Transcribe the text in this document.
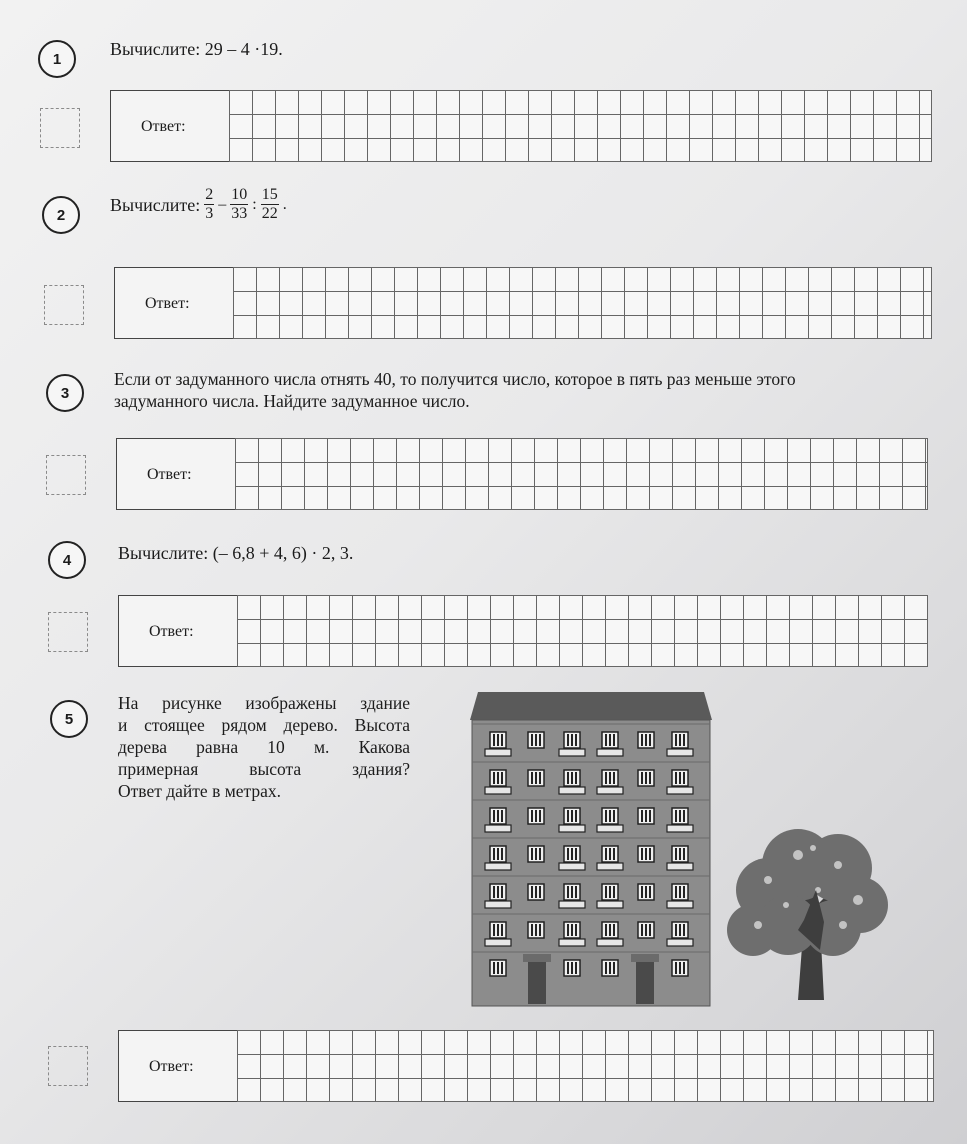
1	Вычислите: 29 – 4 ·19.
Ответ:
2
Вычислите: $\frac{2}{3} - \frac{10}{33}$ : $\frac{15}{22}$ .
Ответ:
3
Если от задуманного числа отнять 40, то получится число, которое в пять раз меньше этого
задуманного числа. Найдите задуманное число.
Ответ:
4	Вычислите: (– 6,8 + 4, 6) · 2, 3.
Ответ:
5
На рисунке изображены здание
и стоящее рядом дерево. Высота
дерева равна 10 м. Какова
примерная высота здания?
Ответ дайте в метрах.
Ответ:
